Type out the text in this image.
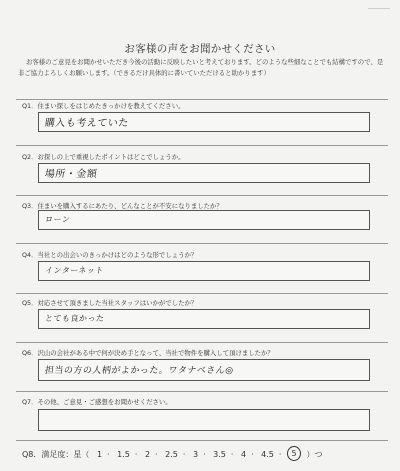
お客様の声をお聞かせください
お客様のご意見をお聞かせいただき今後の活動に反映したいと考えております。どのような些細なことでも結構ですので、是非ご協力よろしくお願いします。（できるだけ具体的に書いていただけると助かります）
Q1．住まい探しをはじめたきっかけを教えてください。
購入も考えていた
Q2．お探しの上で重視したポイントはどこでしょうか。
場所・金額
Q3．住まいを購入するにあたり、どんなことが不安になりましたか？
ローン
Q4．当社との出会いのきっかけはどのような形でしょうか？
インターネット
Q5．対応させて頂きました当社スタッフはいかがでしたか？
とても良かった
Q6．沢山の会社がある中で何が決め手となって、当社で物件を購入して頂けましたか？
担当の方の人柄がよかった。ワタナベさん◎
Q7．その他、ご意見・ご感想をお聞かせください。
Q8．満足度：星（ 1 · 1.5 · 2 · 2.5 · 3 · 3.5 · 4 · 4.5 · 5 ）つ
